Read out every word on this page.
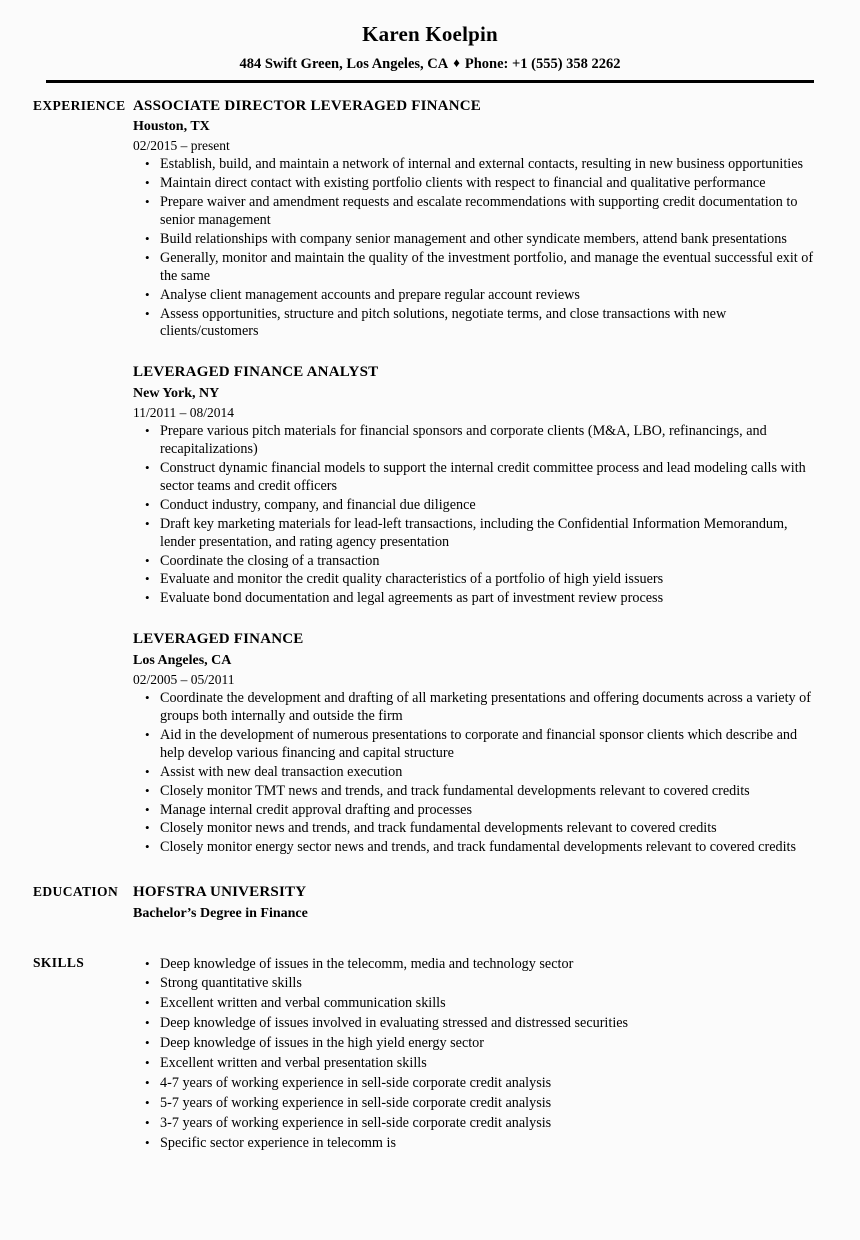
Karen Koelpin
484 Swift Green, Los Angeles, CA ♦ Phone: +1 (555) 358 2262
EXPERIENCE ASSOCIATE DIRECTOR LEVERAGED FINANCE
Houston, TX
02/2015 – present
• Establish, build, and maintain a network of internal and external contacts, resulting in new business opportunities
• Maintain direct contact with existing portfolio clients with respect to financial and qualitative performance
• Prepare waiver and amendment requests and escalate recommendations with supporting credit documentation to senior management
• Build relationships with company senior management and other syndicate members, attend bank presentations
• Generally, monitor and maintain the quality of the investment portfolio, and manage the eventual successful exit of the same
• Analyse client management accounts and prepare regular account reviews
• Assess opportunities, structure and pitch solutions, negotiate terms, and close transactions with new clients/customers
LEVERAGED FINANCE ANALYST
New York, NY
11/2011 – 08/2014
• Prepare various pitch materials for financial sponsors and corporate clients (M&A, LBO, refinancings, and recapitalizations)
• Construct dynamic financial models to support the internal credit committee process and lead modeling calls with sector teams and credit officers
• Conduct industry, company, and financial due diligence
• Draft key marketing materials for lead-left transactions, including the Confidential Information Memorandum, lender presentation, and rating agency presentation
• Coordinate the closing of a transaction
• Evaluate and monitor the credit quality characteristics of a portfolio of high yield issuers
• Evaluate bond documentation and legal agreements as part of investment review process
LEVERAGED FINANCE
Los Angeles, CA
02/2005 – 05/2011
• Coordinate the development and drafting of all marketing presentations and offering documents across a variety of groups both internally and outside the firm
• Aid in the development of numerous presentations to corporate and financial sponsor clients which describe and help develop various financing and capital structure
• Assist with new deal transaction execution
• Closely monitor TMT news and trends, and track fundamental developments relevant to covered credits
• Manage internal credit approval drafting and processes
• Closely monitor news and trends, and track fundamental developments relevant to covered credits
• Closely monitor energy sector news and trends, and track fundamental developments relevant to covered credits
EDUCATION HOFSTRA UNIVERSITY
Bachelor’s Degree in Finance
SKILLS	• Deep knowledge of issues in the telecomm, media and technology sector
• Strong quantitative skills
• Excellent written and verbal communication skills
• Deep knowledge of issues involved in evaluating stressed and distressed securities
• Deep knowledge of issues in the high yield energy sector
• Excellent written and verbal presentation skills
• 4-7 years of working experience in sell-side corporate credit analysis
• 5-7 years of working experience in sell-side corporate credit analysis
• 3-7 years of working experience in sell-side corporate credit analysis
• Specific sector experience in telecomm is
